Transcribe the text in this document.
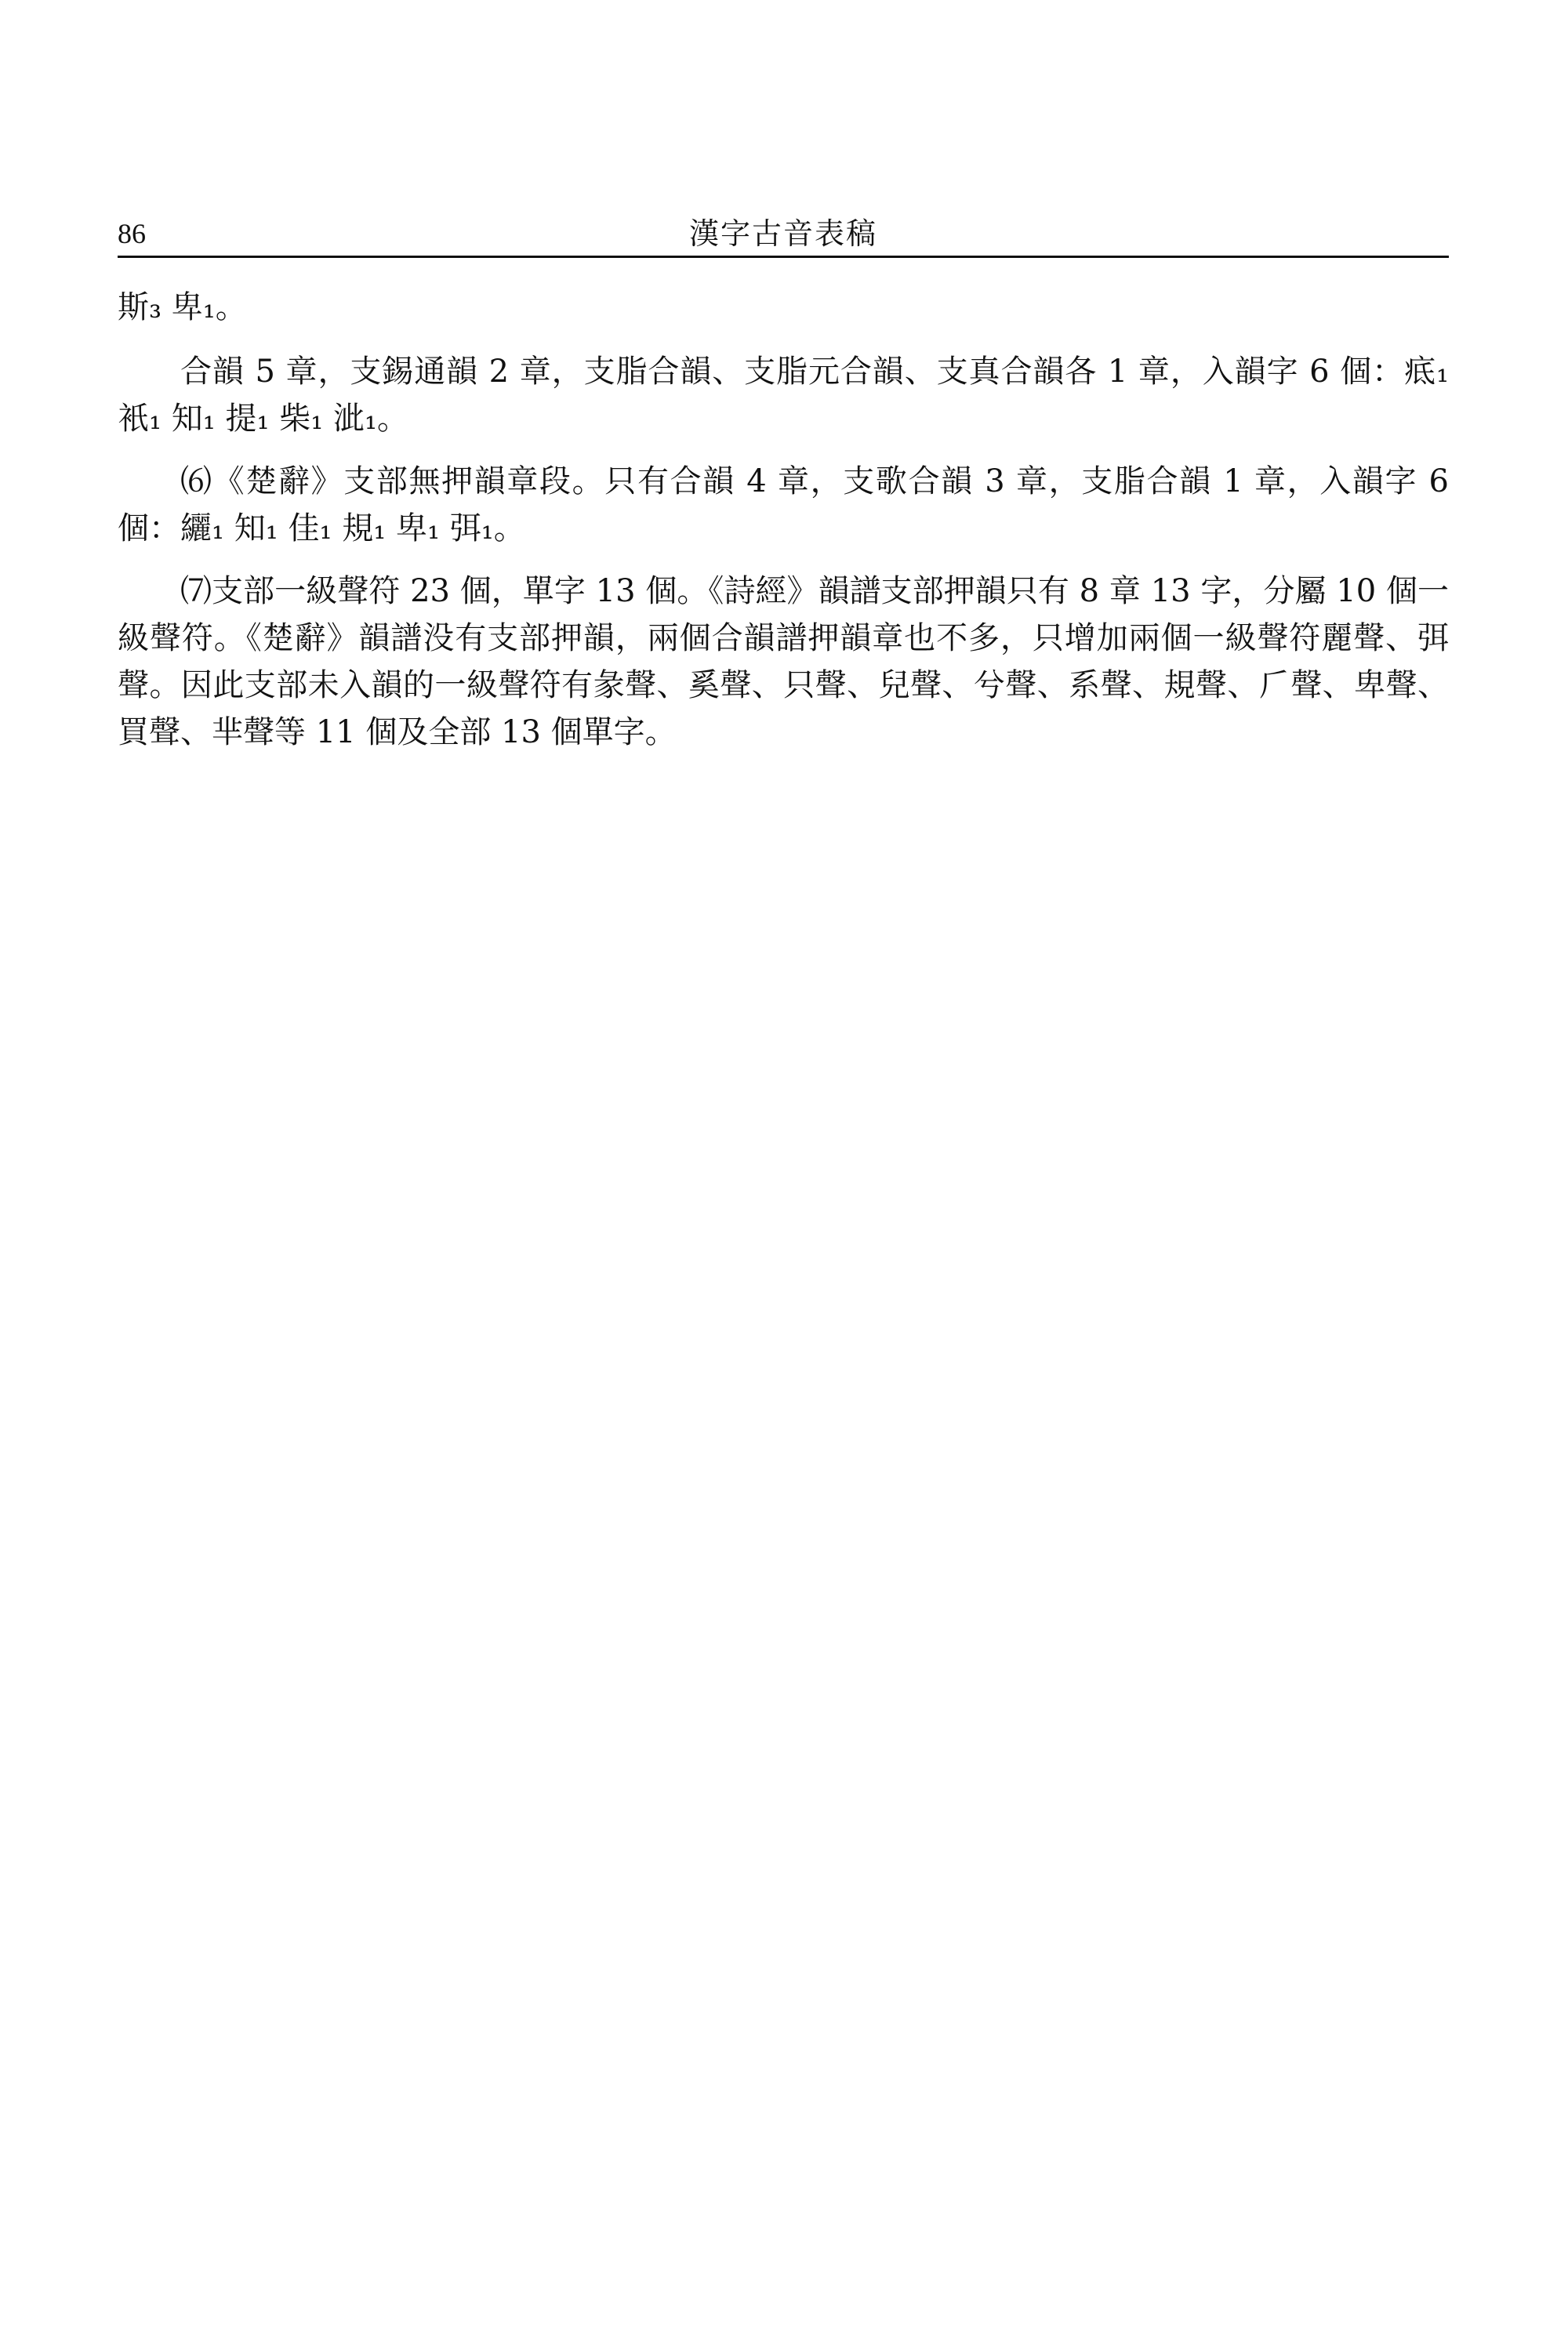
86	漢字古音表稿

斯₃ 卑₁。

合韻 5 章，支錫通韻 2 章，支脂合韻、支脂元合韻、支真合韻各 1 章，入韻字 6 個：疷₁ 衹₁ 知₁ 提₁ 柴₁ 泚₁。

⑹《楚辭》支部無押韻章段。只有合韻 4 章，支歌合韻 3 章，支脂合韻 1 章，入韻字 6 個：纚₁ 知₁ 佳₁ 規₁ 卑₁ 弭₁。

⑺支部一級聲符 23 個，單字 13 個。《詩經》韻譜支部押韻只有 8 章 13 字，分屬 10 個一級聲符。《楚辭》韻譜没有支部押韻，兩個合韻譜押韻章也不多，只增加兩個一級聲符麗聲、弭聲。因此支部未入韻的一級聲符有彖聲、奚聲、只聲、兒聲、兮聲、系聲、規聲、𠂆聲、卑聲、買聲、芈聲等 11 個及全部 13 個單字。
